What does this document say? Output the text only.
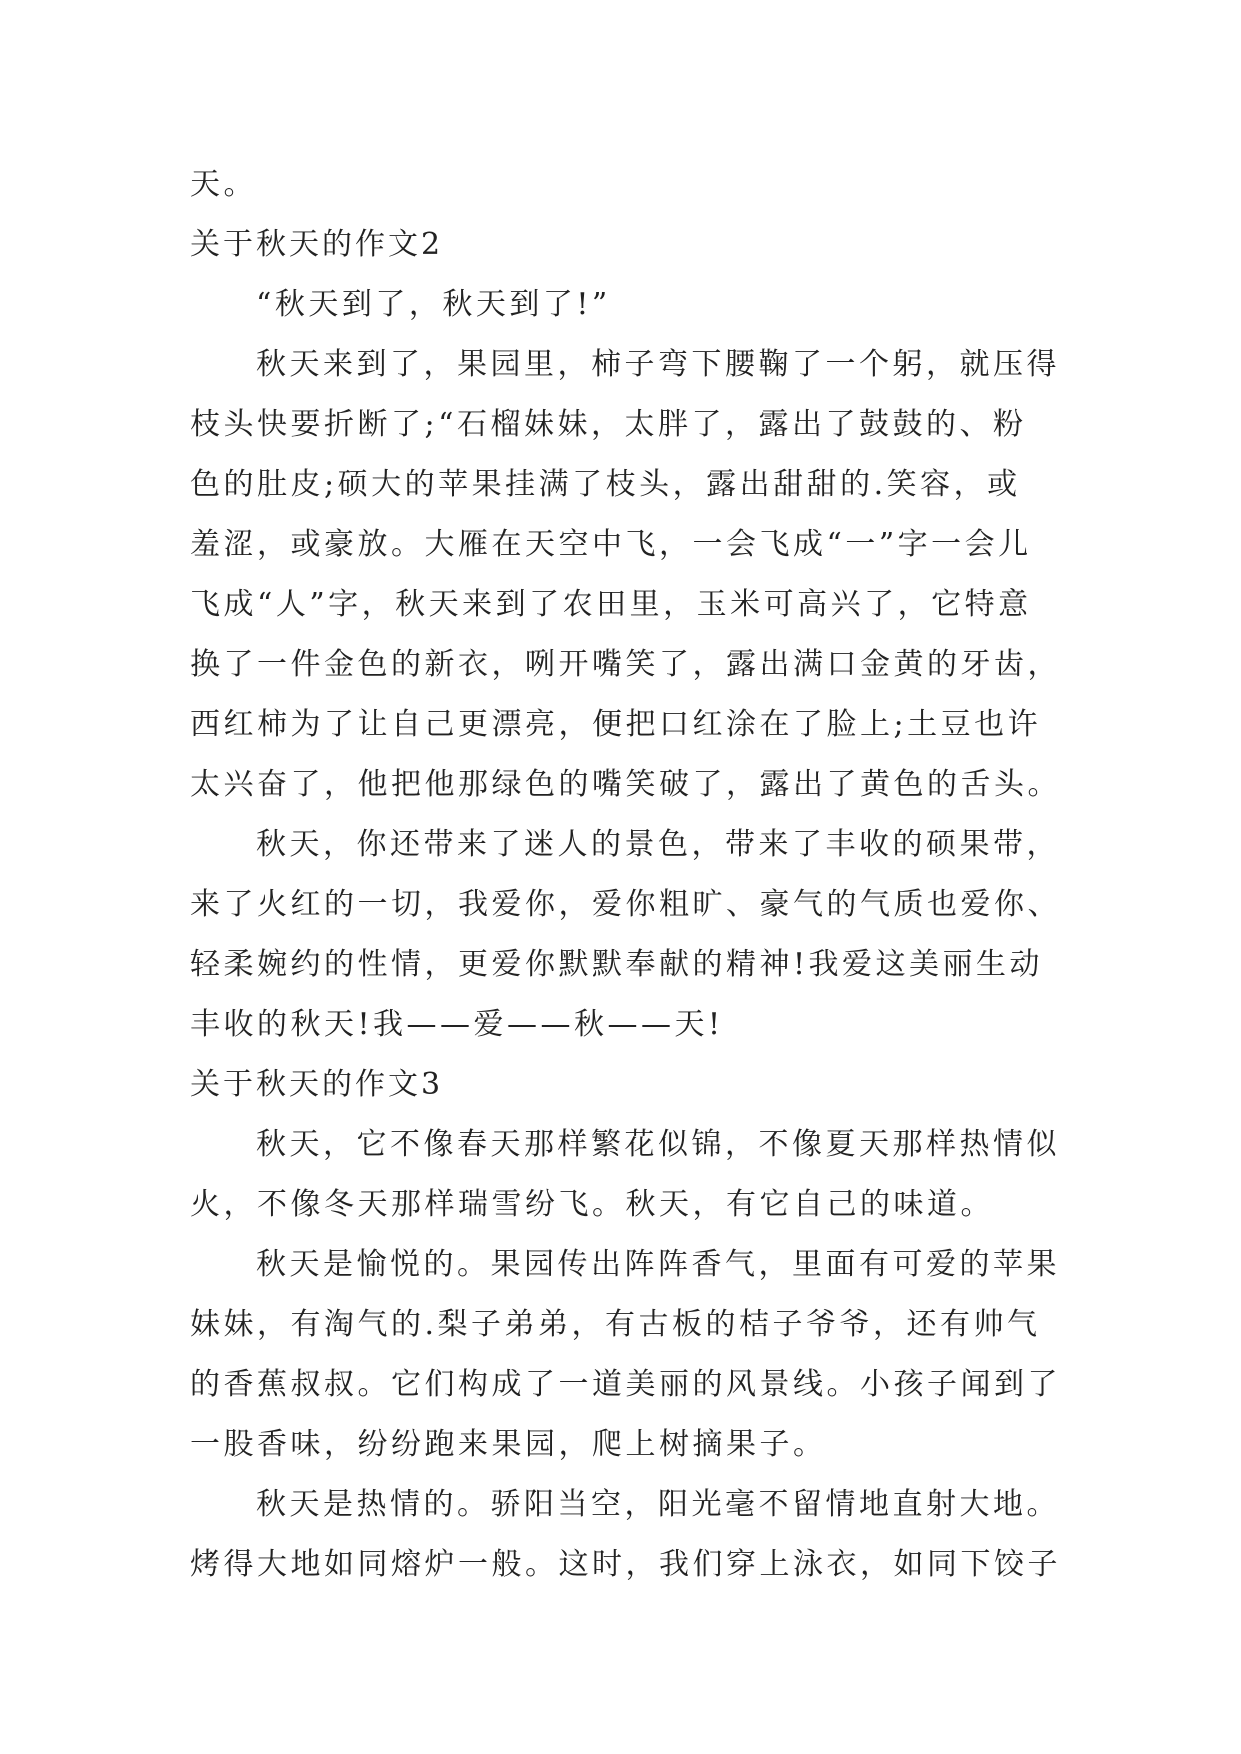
天。
关于秋天的作文2
“秋天到了，秋天到了!”
秋天来到了，果园里，柿子弯下腰鞠了一个躬，就压得
枝头快要折断了;“石榴妹妹，太胖了，露出了鼓鼓的、粉
色的肚皮;硕大的苹果挂满了枝头，露出甜甜的.笑容，或
羞涩，或豪放。大雁在天空中飞，一会飞成“一”字一会儿
飞成“人”字，秋天来到了农田里，玉米可高兴了，它特意
换了一件金色的新衣，咧开嘴笑了，露出满口金黄的牙齿，
西红柿为了让自己更漂亮，便把口红涂在了脸上;土豆也许
太兴奋了，他把他那绿色的嘴笑破了，露出了黄色的舌头。
秋天，你还带来了迷人的景色，带来了丰收的硕果带，
来了火红的一切，我爱你，爱你粗旷、豪气的气质也爱你、
轻柔婉约的性情，更爱你默默奉献的精神!我爱这美丽生动
丰收的秋天!我——爱——秋——天!
关于秋天的作文3
秋天，它不像春天那样繁花似锦，不像夏天那样热情似
火，不像冬天那样瑞雪纷飞。秋天，有它自己的味道。
秋天是愉悦的。果园传出阵阵香气，里面有可爱的苹果
妹妹，有淘气的.梨子弟弟，有古板的桔子爷爷，还有帅气
的香蕉叔叔。它们构成了一道美丽的风景线。小孩子闻到了
一股香味，纷纷跑来果园，爬上树摘果子。
秋天是热情的。骄阳当空，阳光毫不留情地直射大地。
烤得大地如同熔炉一般。这时，我们穿上泳衣，如同下饺子
